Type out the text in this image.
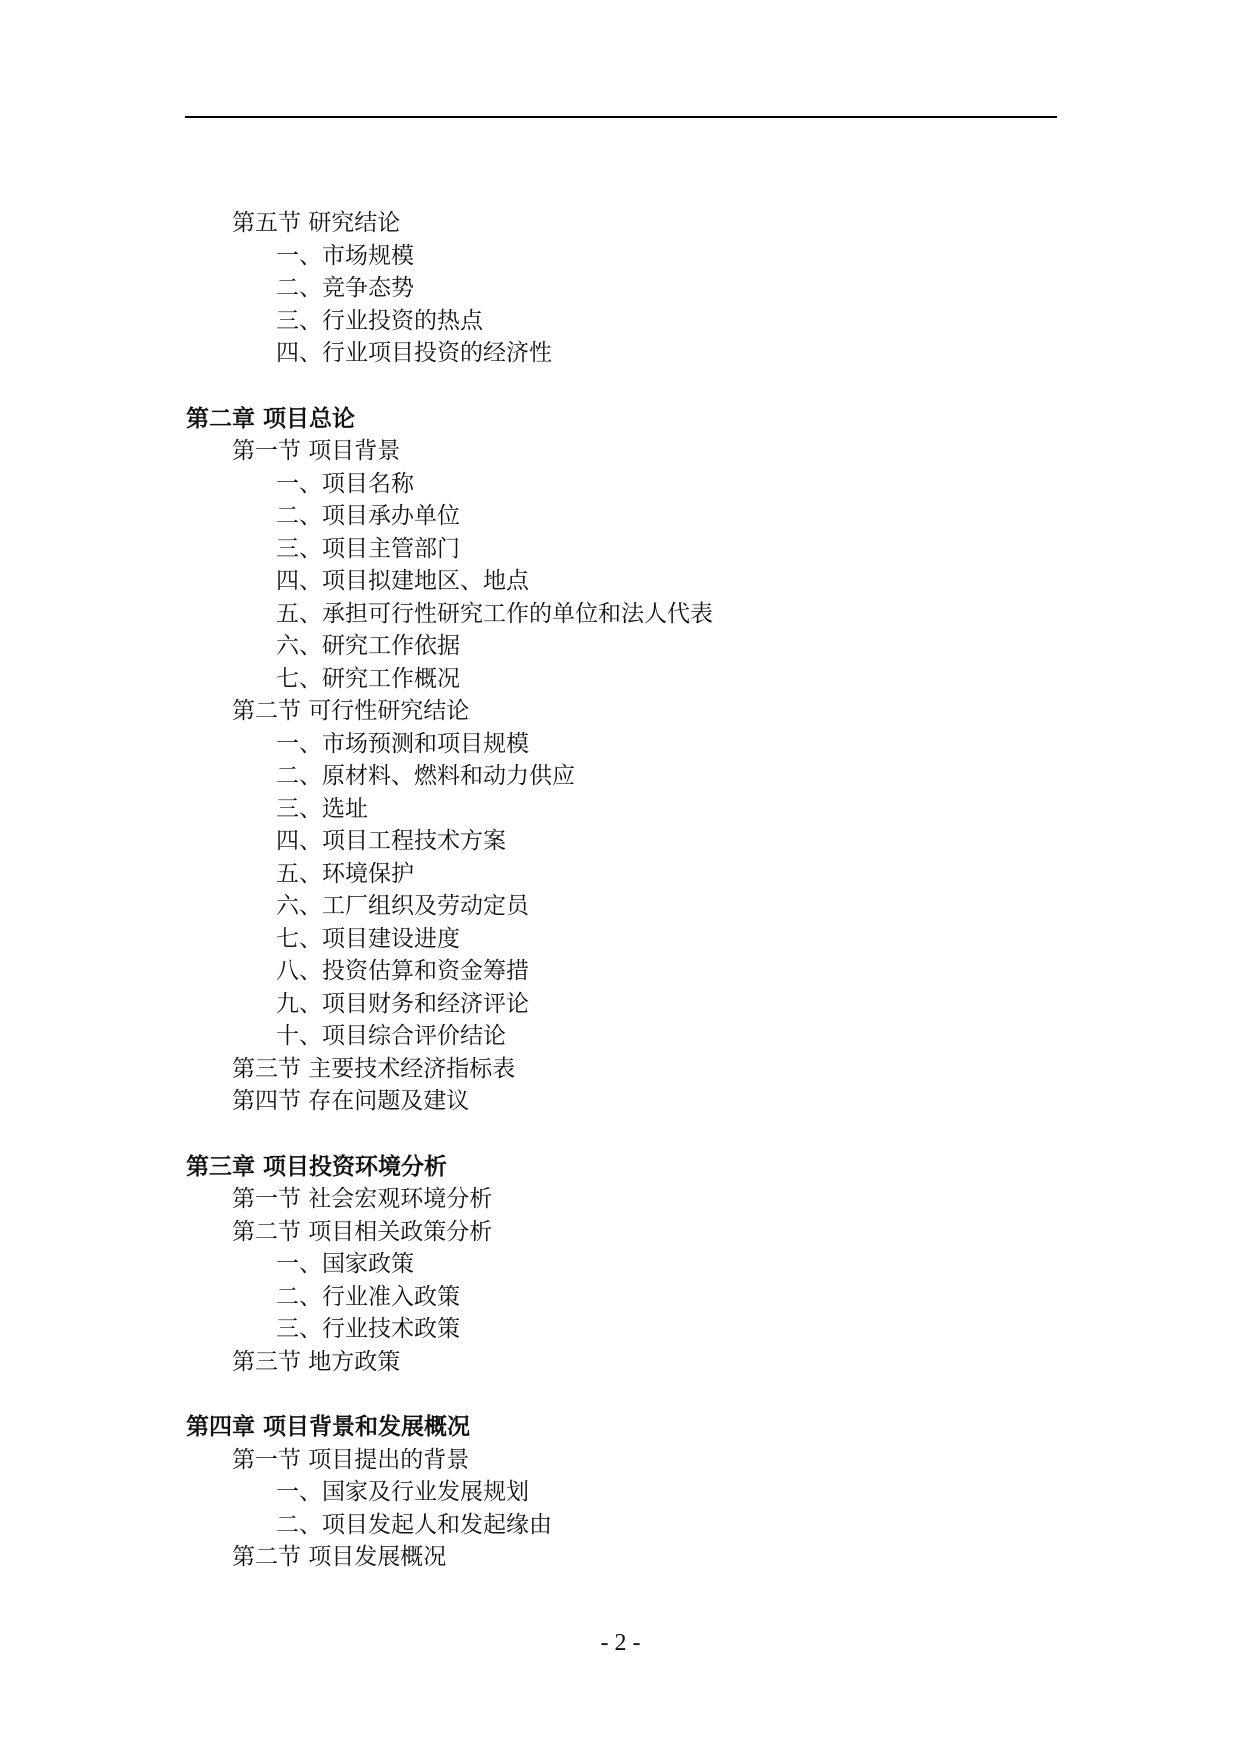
第五节 研究结论
一、市场规模
二、竞争态势
三、行业投资的热点
四、行业项目投资的经济性
第二章 项目总论
第一节 项目背景
一、项目名称
二、项目承办单位
三、项目主管部门
四、项目拟建地区、地点
五、承担可行性研究工作的单位和法人代表
六、研究工作依据
七、研究工作概况
第二节 可行性研究结论
一、市场预测和项目规模
二、原材料、燃料和动力供应
三、选址
四、项目工程技术方案
五、环境保护
六、工厂组织及劳动定员
七、项目建设进度
八、投资估算和资金筹措
九、项目财务和经济评论
十、项目综合评价结论
第三节 主要技术经济指标表
第四节 存在问题及建议
第三章 项目投资环境分析
第一节 社会宏观环境分析
第二节 项目相关政策分析
一、国家政策
二、行业准入政策
三、行业技术政策
第三节 地方政策
第四章 项目背景和发展概况
第一节 项目提出的背景
一、国家及行业发展规划
二、项目发起人和发起缘由
第二节 项目发展概况
- 2 -
